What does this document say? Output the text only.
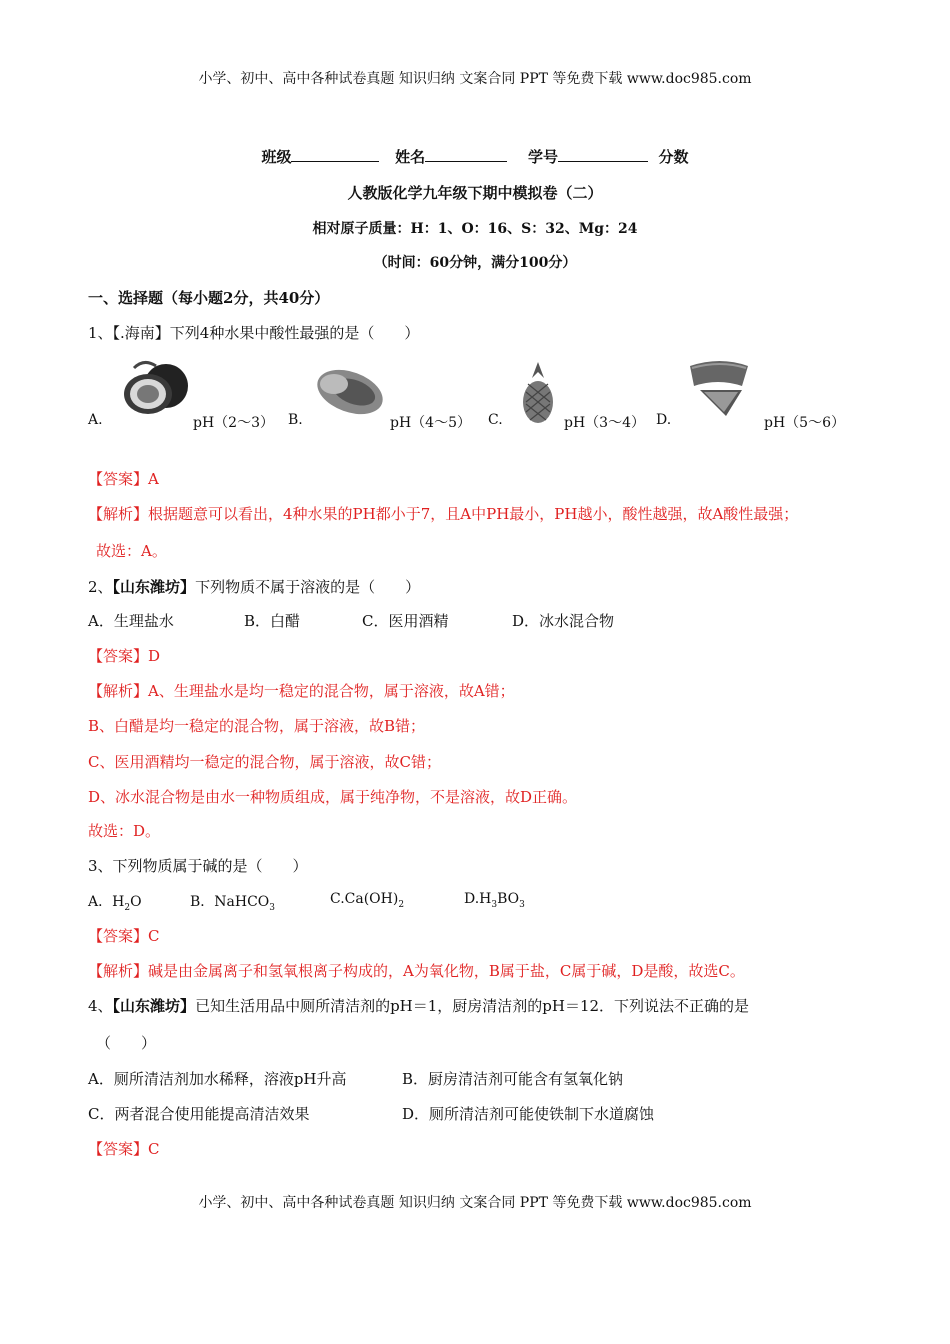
小学、初中、高中各种试卷真题 知识归纳 文案合同 PPT 等免费下载 www.doc985.com
班级	姓名	学号	分数
人教版化学九年级下期中模拟卷（二）
相对原子质量：H：1、O：16、S：32、Mg：24
（时间：60分钟，满分100分）
一、选择题（每小题2分，共40分）
1、【.海南】下列4种水果中酸性最强的是（　　）
A.	pH（2～3） B.	pH（4～5） C.	pH（3～4） D.	pH（5～6）
【答案】A
【解析】根据题意可以看出，4种水果的PH都小于7，且A中PH最小，PH越小，酸性越强，故A酸性最强；
故选：A。
2、【山东潍坊】下列物质不属于溶液的是（　　）
A．生理盐水	B．白醋	C．医用酒精	D．冰水混合物
【答案】D
【解析】A、生理盐水是均一稳定的混合物，属于溶液，故A错；
B、白醋是均一稳定的混合物，属于溶液，故B错；
C、医用酒精均一稳定的混合物，属于溶液，故C错；
D、冰水混合物是由水一种物质组成，属于纯净物，不是溶液，故D正确。
故选：D。
3、下列物质属于碱的是（　　）
A．$H_2O$	B．NaHCO$_3$
$C.Ca(OH)_2$	$D.H_3BO_3$
【答案】C
【解析】碱是由金属离子和氢氧根离子构成的，A为氧化物，B属于盐，C属于碱，D是酸，故选C。
4、【山东潍坊】已知生活用品中厕所清洁剂的pH＝1，厨房清洁剂的pH＝12．下列说法不正确的是
（　　）
A．厕所清洁剂加水稀释，溶液pH升高	B．厨房清洁剂可能含有氢氧化钠
C．两者混合使用能提高清洁效果	D．厕所清洁剂可能使铁制下水道腐蚀
【答案】C
小学、初中、高中各种试卷真题 知识归纳 文案合同 PPT 等免费下载 www.doc985.com
